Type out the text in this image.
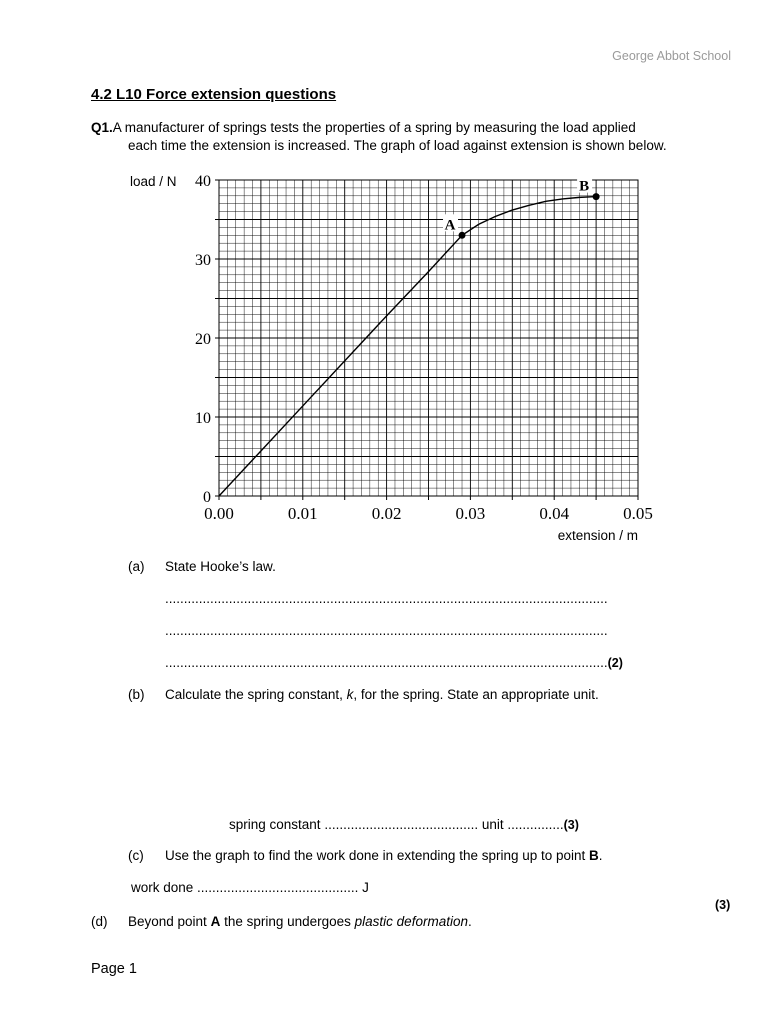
George Abbot School
4.2 L10 Force extension questions
Q1.A manufacturer of springs tests the properties of a spring by measuring the load applied
each time the extension is increased. The graph of load against extension is shown below.
A
B
0.00	0.01	0.02	0.03	0.04	0.05
0
10
20
30
40
load / N
extension / m
(a) State Hooke’s law.
......................................................................................................................
......................................................................................................................
......................................................................................................................(2)
(b) Calculate the spring constant, k, for the spring. State an appropriate unit.
spring constant ......................................... unit ...............(3)
(c) Use the graph to find the work done in extending the spring up to point B.
work done ........................................... J
(3)
(d) Beyond point A the spring undergoes plastic deformation.
Page 1
